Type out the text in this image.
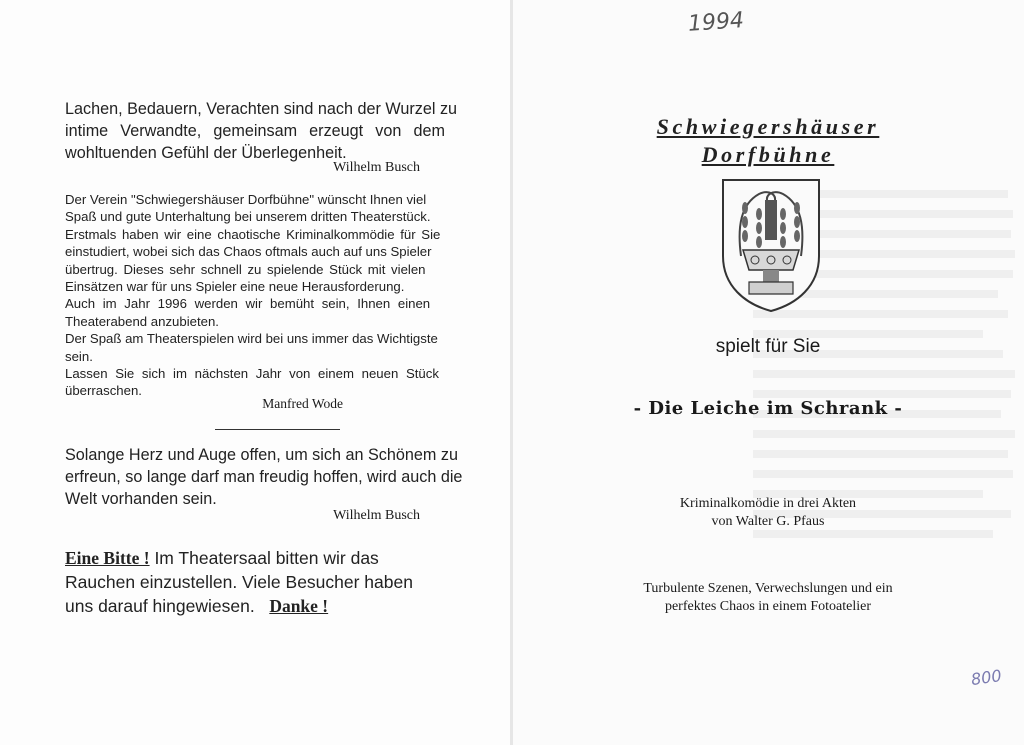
Lachen, Bedauern, Verachten sind nach der Wurzel zu
intime Verwandte, gemeinsam erzeugt von dem
wohltuenden Gefühl der Überlegenheit.
Wilhelm Busch
Der Verein "Schwiegershäuser Dorfbühne" wünscht Ihnen viel
Spaß und gute Unterhaltung bei unserem dritten Theaterstück.
Erstmals haben wir eine chaotische Kriminalkommödie für Sie
einstudiert, wobei sich das Chaos oftmals auch auf uns Spieler
übertrug. Dieses sehr schnell zu spielende Stück mit vielen
Einsätzen war für uns Spieler eine neue Herausforderung.
Auch im Jahr 1996 werden wir bemüht sein, Ihnen einen
Theaterabend anzubieten.
Der Spaß am Theaterspielen wird bei uns immer das Wichtigste
sein.
Lassen Sie sich im nächsten Jahr von einem neuen Stück
überraschen.
Manfred Wode
Solange Herz und Auge offen, um sich an Schönem zu
erfreun, so lange darf man freudig hoffen, wird auch die
Welt vorhanden sein.
Wilhelm Busch
Eine Bitte ! Im Theatersaal bitten wir das
Rauchen einzustellen. Viele Besucher haben
uns darauf hingewiesen. Danke !
1994
Schwiegershäuser
Dorfbühne
spielt für Sie
- Die Leiche im Schrank -
Kriminalkomödie in drei Akten
von Walter G. Pfaus
Turbulente Szenen, Verwechslungen und ein
perfektes Chaos in einem Fotoatelier
800
